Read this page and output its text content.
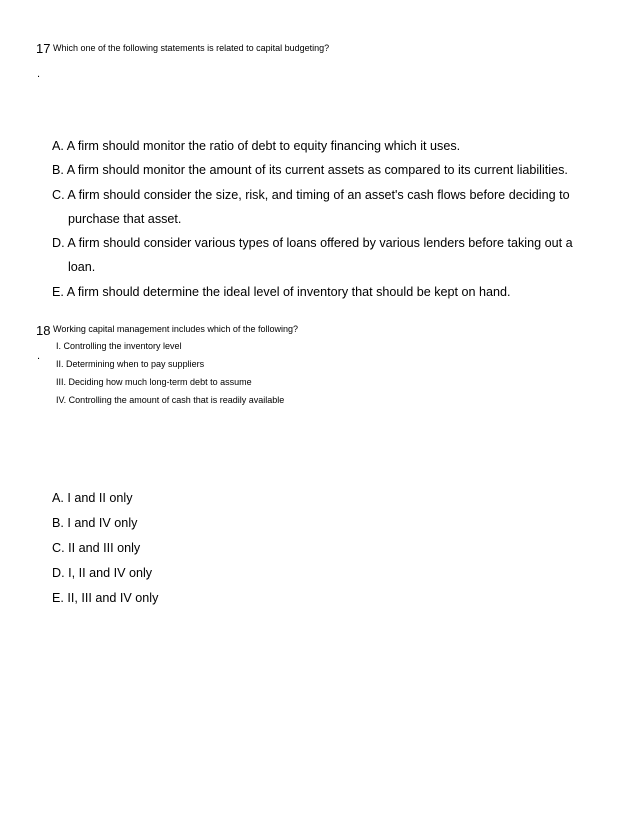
17 Which one of the following statements is related to capital budgeting?
.
A. A firm should monitor the ratio of debt to equity financing which it uses.
B. A firm should monitor the amount of its current assets as compared to its current liabilities.
C. A firm should consider the size, risk, and timing of an asset's cash flows before deciding to
purchase that asset.
D. A firm should consider various types of loans offered by various lenders before taking out a
loan.
E. A firm should determine the ideal level of inventory that should be kept on hand.
18 Working capital management includes which of the following?
.
I. Controlling the inventory level
II. Determining when to pay suppliers
III. Deciding how much long-term debt to assume
IV. Controlling the amount of cash that is readily available
A. I and II only
B. I and IV only
C. II and III only
D. I, II and IV only
E. II, III and IV only
